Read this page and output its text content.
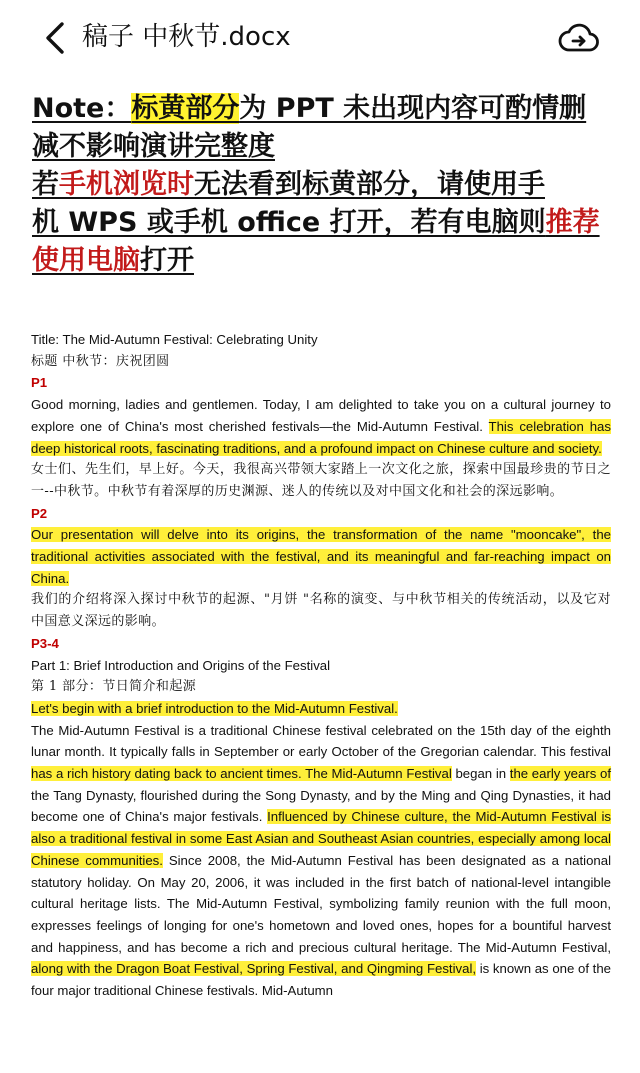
稿子 中秋节.docx
Note：标黄部分为 PPT 未出现内容可酌情删
减不影响演讲完整度
若手机浏览时无法看到标黄部分，请使用手
机 WPS 或手机 office 打开，若有电脑则推荐
使用电脑打开

Title: The Mid-Autumn Festival: Celebrating Unity

标题 中秋节：庆祝团圆

P1

Good morning, ladies and gentlemen. Today, I am delighted to take you on a cultural journey to explore one of China's most cherished festivals—the Mid-Autumn Festival. This celebration has deep historical roots, fascinating traditions, and a profound impact on Chinese culture and society.

女士们、先生们，早上好。今天，我很高兴带领大家踏上一次文化之旅，探索中国最珍贵的节日之一--中秋节。中秋节有着深厚的历史渊源、迷人的传统以及对中国文化和社会的深远影响。

P2

Our presentation will delve into its origins, the transformation of the name "mooncake", the traditional activities associated with the festival, and its meaningful and far-reaching impact on China.

我们的介绍将深入探讨中秋节的起源、"月饼 "名称的演变、与中秋节相关的传统活动，以及它对中国意义深远的影响。

P3-4

Part 1: Brief Introduction and Origins of the Festival

第 1 部分：节日简介和起源

Let's begin with a brief introduction to the Mid-Autumn Festival.

The Mid-Autumn Festival is a traditional Chinese festival celebrated on the 15th day of the eighth lunar month. It typically falls in September or early October of the Gregorian calendar. This festival has a rich history dating back to ancient times. The Mid-Autumn Festival began in the early years of the Tang Dynasty, flourished during the Song Dynasty, and by the Ming and Qing Dynasties, it had become one of China's major festivals. Influenced by Chinese culture, the Mid-Autumn Festival is also a traditional festival in some East Asian and Southeast Asian countries, especially among local Chinese communities. Since 2008, the Mid-Autumn Festival has been designated as a national statutory holiday. On May 20, 2006, it was included in the first batch of national-level intangible cultural heritage lists. The Mid-Autumn Festival, symbolizing family reunion with the full moon, expresses feelings of longing for one's hometown and loved ones, hopes for a bountiful harvest and happiness, and has become a rich and precious cultural heritage. The Mid-Autumn Festival, along with the Dragon Boat Festival, Spring Festival, and Qingming Festival, is known as one of the four major traditional Chinese festivals. Mid-Autumn
